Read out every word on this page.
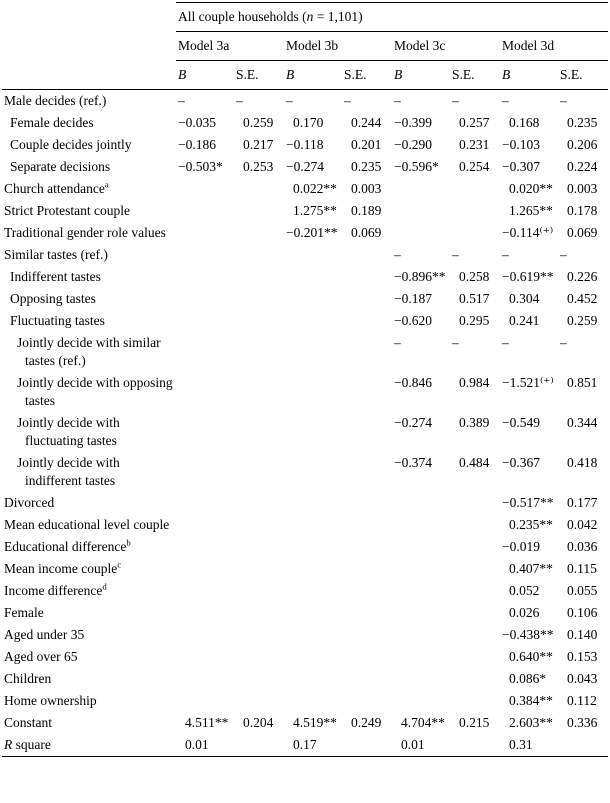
	All couple households (n = 1,101)							
	Model 3a		Model 3b		Model 3c		Model 3d	
	B	S.E.	B	S.E.	B	S.E.	B	S.E.
Male decides (ref.)	–	–	–	–	–	–	–	–
Female decides	−0.035	0.259	0.170	0.244	−0.399	0.257	0.168	0.235
Couple decides jointly	−0.186	0.217	−0.118	0.201	−0.290	0.231	−0.103	0.206
Separate decisions	−0.503*	0.253	−0.274	0.235	−0.596*	0.254	−0.307	0.224
Church attendance$^a$			0.022**	0.003			0.020**	0.003
Strict Protestant couple			1.275**	0.189			1.265**	0.178
Traditional gender role values			−0.201**	0.069			−0.114⁽⁺⁾	0.069
Similar tastes (ref.)					–	–	–	–
Indifferent tastes					−0.896**	0.258	−0.619**	0.226
Opposing tastes					−0.187	0.517	0.304	0.452
Fluctuating tastes					−0.620	0.295	0.241	0.259
Jointly decide with similar tastes (ref.)					–	–	–	–
Jointly decide with opposing tastes					−0.846	0.984	−1.521⁽⁺⁾	0.851
Jointly decide with fluctuating tastes					−0.274	0.389	−0.549	0.344
Jointly decide with indifferent tastes					−0.374	0.484	−0.367	0.418
Divorced							−0.517**	0.177
Mean educational level couple							0.235**	0.042
Educational difference$^b$							−0.019	0.036
Mean income couple$^c$							0.407**	0.115
Income difference$^d$							0.052	0.055
Female							0.026	0.106
Aged under 35							−0.438**	0.140
Aged over 65							0.640**	0.153
Children							0.086*	0.043
Home ownership							0.384**	0.112
Constant	4.511**	0.204	4.519**	0.249	4.704**	0.215	2.603**	0.336
R square	0.01		0.17		0.01		0.31	
